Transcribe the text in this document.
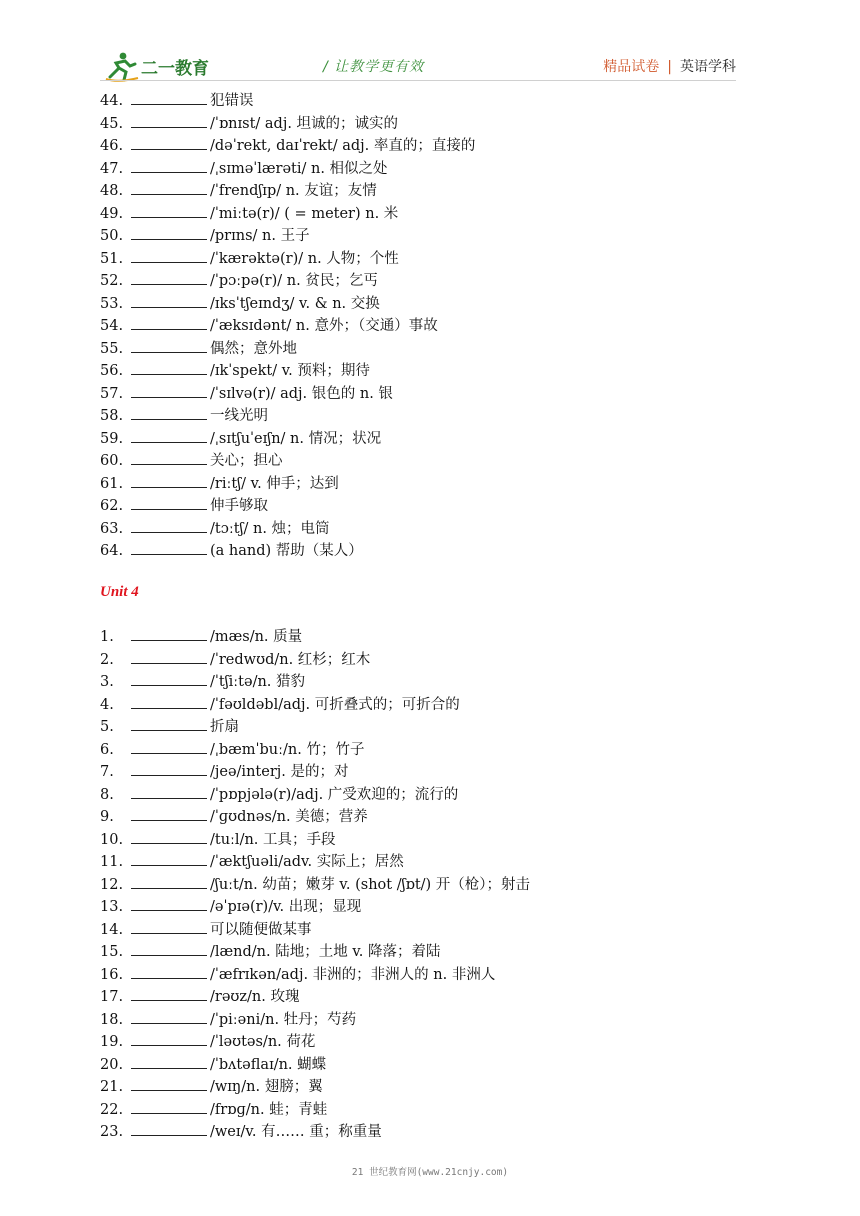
二一教育	/ 让教学更有效	精品试卷 | 英语学科
44.	犯错误
45.	/ˈɒnɪst/ adj. 坦诚的；诚实的
46.	/dəˈrekt, daɪˈrekt/ adj. 率直的；直接的
47.	/ˌsɪməˈlærəti/ n. 相似之处
48.	/ˈfrendʃɪp/ n. 友谊；友情
49.	/ˈmiːtə(r)/ ( = meter) n. 米
50.	/prɪns/ n. 王子
51.	/ˈkærəktə(r)/ n. 人物；个性
52.	/ˈpɔːpə(r)/ n. 贫民；乞丐
53.	/ɪksˈtʃeɪndʒ/ v. & n. 交换
54.	/ˈæksɪdənt/ n. 意外；（交通）事故
55.	偶然；意外地
56.	/ɪkˈspekt/ v. 预料；期待
57.	/ˈsɪlvə(r)/ adj. 银色的 n. 银
58.	一线光明
59.	/ˌsɪtʃuˈeɪʃn/ n. 情况；状况
60.	关心；担心
61.	/riːtʃ/ v. 伸手；达到
62.	伸手够取
63.	/tɔːtʃ/ n. 烛；电筒
64.	(a hand) 帮助（某人）
Unit 4
1.	/mæs/n. 质量
2.	/ˈredwʊd/n. 红杉；红木
3.	/ˈtʃiːtə/n. 猎豹
4.	/ˈfəʊldəbl/adj. 可折叠式的；可折合的
5.	折扇
6.	/ˌbæmˈbuː/n. 竹；竹子
7.	/jeə/interj. 是的；对
8.	/ˈpɒpjələ(r)/adj. 广受欢迎的；流行的
9.	/ˈɡʊdnəs/n. 美德；营养
10.	/tuːl/n. 工具；手段
11.	/ˈæktʃuəli/adv. 实际上；居然
12.	/ʃuːt/n. 幼苗；嫩芽 v. (shot /ʃɒt/) 开（枪）；射击
13.	/əˈpɪə(r)/v. 出现；显现
14.	可以随便做某事
15.	/lænd/n. 陆地；土地 v. 降落；着陆
16.	/ˈæfrɪkən/adj. 非洲的；非洲人的 n. 非洲人
17.	/rəʊz/n. 玫瑰
18.	/ˈpiːəni/n. 牡丹；芍药
19.	/ˈləʊtəs/n. 荷花
20.	/ˈbʌtəflaɪ/n. 蝴蝶
21.	/wɪŋ/n. 翅膀；翼
22.	/frɒɡ/n. 蛙；青蛙
23.	/weɪ/v. 有…… 重；称重量
21 世纪教育网(www.21cnjy.com)
